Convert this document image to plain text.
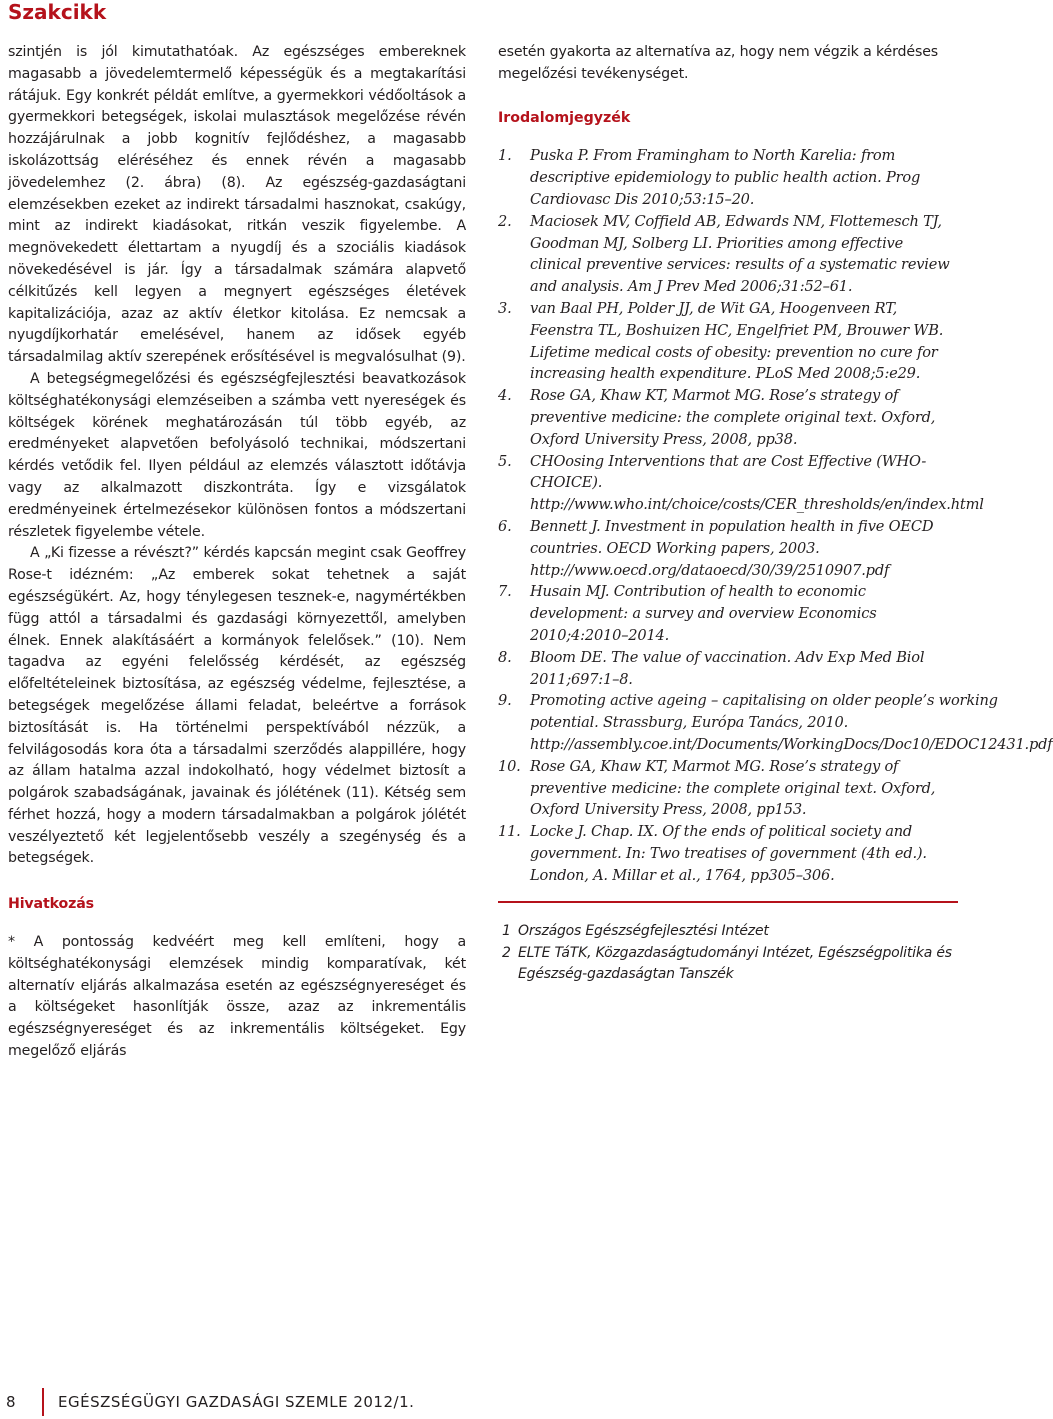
Szakcikk

szintjén is jól kimutathatóak. Az egészséges embereknek magasabb a jövedelemtermelő képességük és a megtakarítási rátájuk. Egy konkrét példát említve, a gyermekkori védőoltások a gyermekkori betegségek, iskolai mulasztások megelőzése révén hozzájárulnak a jobb kognitív fejlődéshez, a magasabb iskolázottság eléréséhez és ennek révén a magasabb jövedelemhez (2. ábra) (8). Az egészség-gazdaságtani elemzésekben ezeket az indirekt társadalmi hasznokat, csakúgy, mint az indirekt kiadásokat, ritkán veszik figyelembe. A megnövekedett élettartam a nyugdíj és a szociális kiadások növekedésével is jár. Így a társadalmak számára alapvető célkitűzés kell legyen a megnyert egészséges életévek kapitalizációja, azaz az aktív életkor kitolása. Ez nemcsak a nyugdíjkorhatár emelésével, hanem az idősek egyéb társadalmilag aktív szerepének erősítésével is megvalósulhat (9).

A betegségmegelőzési és egészségfejlesztési beavatkozások költséghatékonysági elemzéseiben a számba vett nyereségek és költségek körének meghatározásán túl több egyéb, az eredményeket alapvetően befolyásoló technikai, módszertani kérdés vetődik fel. Ilyen például az elemzés választott időtávja vagy az alkalmazott diszkontráta. Így e vizsgálatok eredményeinek értelmezésekor különösen fontos a módszertani részletek figyelembe vétele.

A „Ki fizesse a révészt?” kérdés kapcsán megint csak Geoffrey Rose-t idézném: „Az emberek sokat tehetnek a saját egészségükért. Az, hogy ténylegesen tesznek-e, nagymértékben függ attól a társadalmi és gazdasági környezettől, amelyben élnek. Ennek alakításáért a kormányok felelősek.” (10). Nem tagadva az egyéni felelősség kérdését, az egészség előfeltételeinek biztosítása, az egészség védelme, fejlesztése, a betegségek megelőzése állami feladat, beleértve a források biztosítását is. Ha történelmi perspektívából nézzük, a felvilágosodás kora óta a társadalmi szerződés alappillére, hogy az állam hatalma azzal indokolható, hogy védelmet biztosít a polgárok szabadságának, javainak és jólétének (11). Kétség sem férhet hozzá, hogy a modern társadalmakban a polgárok jólétét veszélyeztető két legjelentősebb veszély a szegénység és a betegségek.

Hivatkozás

* A pontosság kedvéért meg kell említeni, hogy a költséghatékonysági elemzések mindig komparatívak, két alternatív eljárás alkalmazása esetén az egészségnyereséget és a költségeket hasonlítják össze, azaz az inkrementális egészségnyereséget és az inkrementális költségeket. Egy megelőző eljárás

esetén gyakorta az alternatíva az, hogy nem végzik a kérdéses megelőzési tevékenységet.

Irodalomjegyzék
1.	Puska P. From Framingham to North Karelia: from descriptive epidemiology to public health action. Prog Cardiovasc Dis 2010;53:15–20.
2.	Maciosek MV, Coffield AB, Edwards NM, Flottemesch TJ, Goodman MJ, Solberg LI. Priorities among effective clinical preventive services: results of a systematic review and analysis. Am J Prev Med 2006;31:52–61.
3.	van Baal PH, Polder JJ, de Wit GA, Hoogenveen RT, Feenstra TL, Boshuizen HC, Engelfriet PM, Brouwer WB. Lifetime medical costs of obesity: prevention no cure for increasing health expenditure. PLoS Med 2008;5:e29.
4.	Rose GA, Khaw KT, Marmot MG. Rose’s strategy of preventive medicine: the complete original text. Oxford, Oxford University Press, 2008, pp38.
5.	CHOosing Interventions that are Cost Effective (WHO-CHOICE). http://www.who.int/choice/costs/CER_thresholds/en/index.html
6.	Bennett J. Investment in population health in five OECD countries. OECD Working papers, 2003. http://www.oecd.org/dataoecd/30/39/2510907.pdf
7.	Husain MJ. Contribution of health to economic development: a survey and overview Economics 2010;4:2010–2014.
8.	Bloom DE. The value of vaccination. Adv Exp Med Biol 2011;697:1–8.
9.	Promoting active ageing – capitalising on older people’s working potential. Strassburg, Európa Tanács, 2010. http://assembly.coe.int/Documents/WorkingDocs/Doc10/EDOC12431.pdf
10. Rose GA, Khaw KT, Marmot MG. Rose’s strategy of preventive medicine: the complete original text. Oxford, Oxford University Press, 2008, pp153.
11. Locke J. Chap. IX. Of the ends of political society and government. In: Two treatises of government (4th ed.). London, A. Millar et al., 1764, pp305–306.
1 Országos Egészségfejlesztési Intézet
2 ELTE TáTK, Közgazdaságtudományi Intézet, Egészségpolitika és Egészség-gazdaságtan Tanszék
8	EGÉSZSÉGÜGYI GAZDASÁGI SZEMLE 2012/1.
